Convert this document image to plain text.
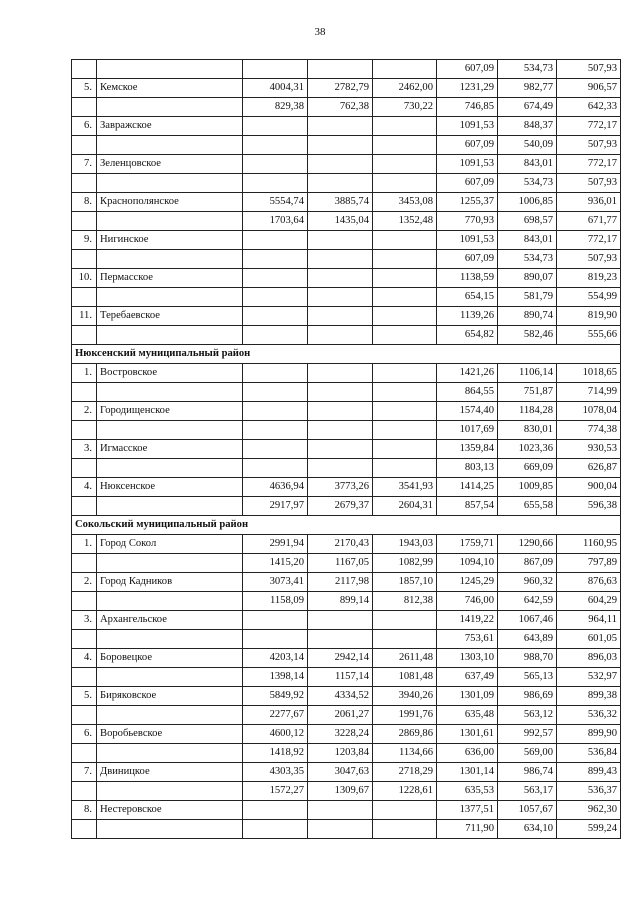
38
					607,09	534,73	507,93
5.	Кемское	4004,31	2782,79	2462,00	1231,29	982,77	906,57
		829,38	762,38	730,22	746,85	674,49	642,33
6.	Завражское				1091,53	848,37	772,17
					607,09	540,09	507,93
7.	Зеленцовское				1091,53	843,01	772,17
					607,09	534,73	507,93
8.	Краснополянское	5554,74	3885,74	3453,08	1255,37	1006,85	936,01
		1703,64	1435,04	1352,48	770,93	698,57	671,77
9.	Нигинское				1091,53	843,01	772,17
					607,09	534,73	507,93
10.	Пермасское				1138,59	890,07	819,23
					654,15	581,79	554,99
11.	Теребаевское				1139,26	890,74	819,90
					654,82	582,46	555,66
Нюксенский муниципальный район							
1.	Востровское				1421,26	1106,14	1018,65
					864,55	751,87	714,99
2.	Городищенское				1574,40	1184,28	1078,04
					1017,69	830,01	774,38
3.	Игмасское				1359,84	1023,36	930,53
					803,13	669,09	626,87
4.	Нюксенское	4636,94	3773,26	3541,93	1414,25	1009,85	900,04
		2917,97	2679,37	2604,31	857,54	655,58	596,38
Сокольский муниципальный район							
1.	Город Сокол	2991,94	2170,43	1943,03	1759,71	1290,66	1160,95
		1415,20	1167,05	1082,99	1094,10	867,09	797,89
2.	Город Кадников	3073,41	2117,98	1857,10	1245,29	960,32	876,63
		1158,09	899,14	812,38	746,00	642,59	604,29
3.	Архангельское				1419,22	1067,46	964,11
					753,61	643,89	601,05
4.	Боровецкое	4203,14	2942,14	2611,48	1303,10	988,70	896,03
		1398,14	1157,14	1081,48	637,49	565,13	532,97
5.	Биряковское	5849,92	4334,52	3940,26	1301,09	986,69	899,38
		2277,67	2061,27	1991,76	635,48	563,12	536,32
6.	Воробьевское	4600,12	3228,24	2869,86	1301,61	992,57	899,90
		1418,92	1203,84	1134,66	636,00	569,00	536,84
7.	Двиницкое	4303,35	3047,63	2718,29	1301,14	986,74	899,43
		1572,27	1309,67	1228,61	635,53	563,17	536,37
8.	Нестеровское				1377,51	1057,67	962,30
					711,90	634,10	599,24
